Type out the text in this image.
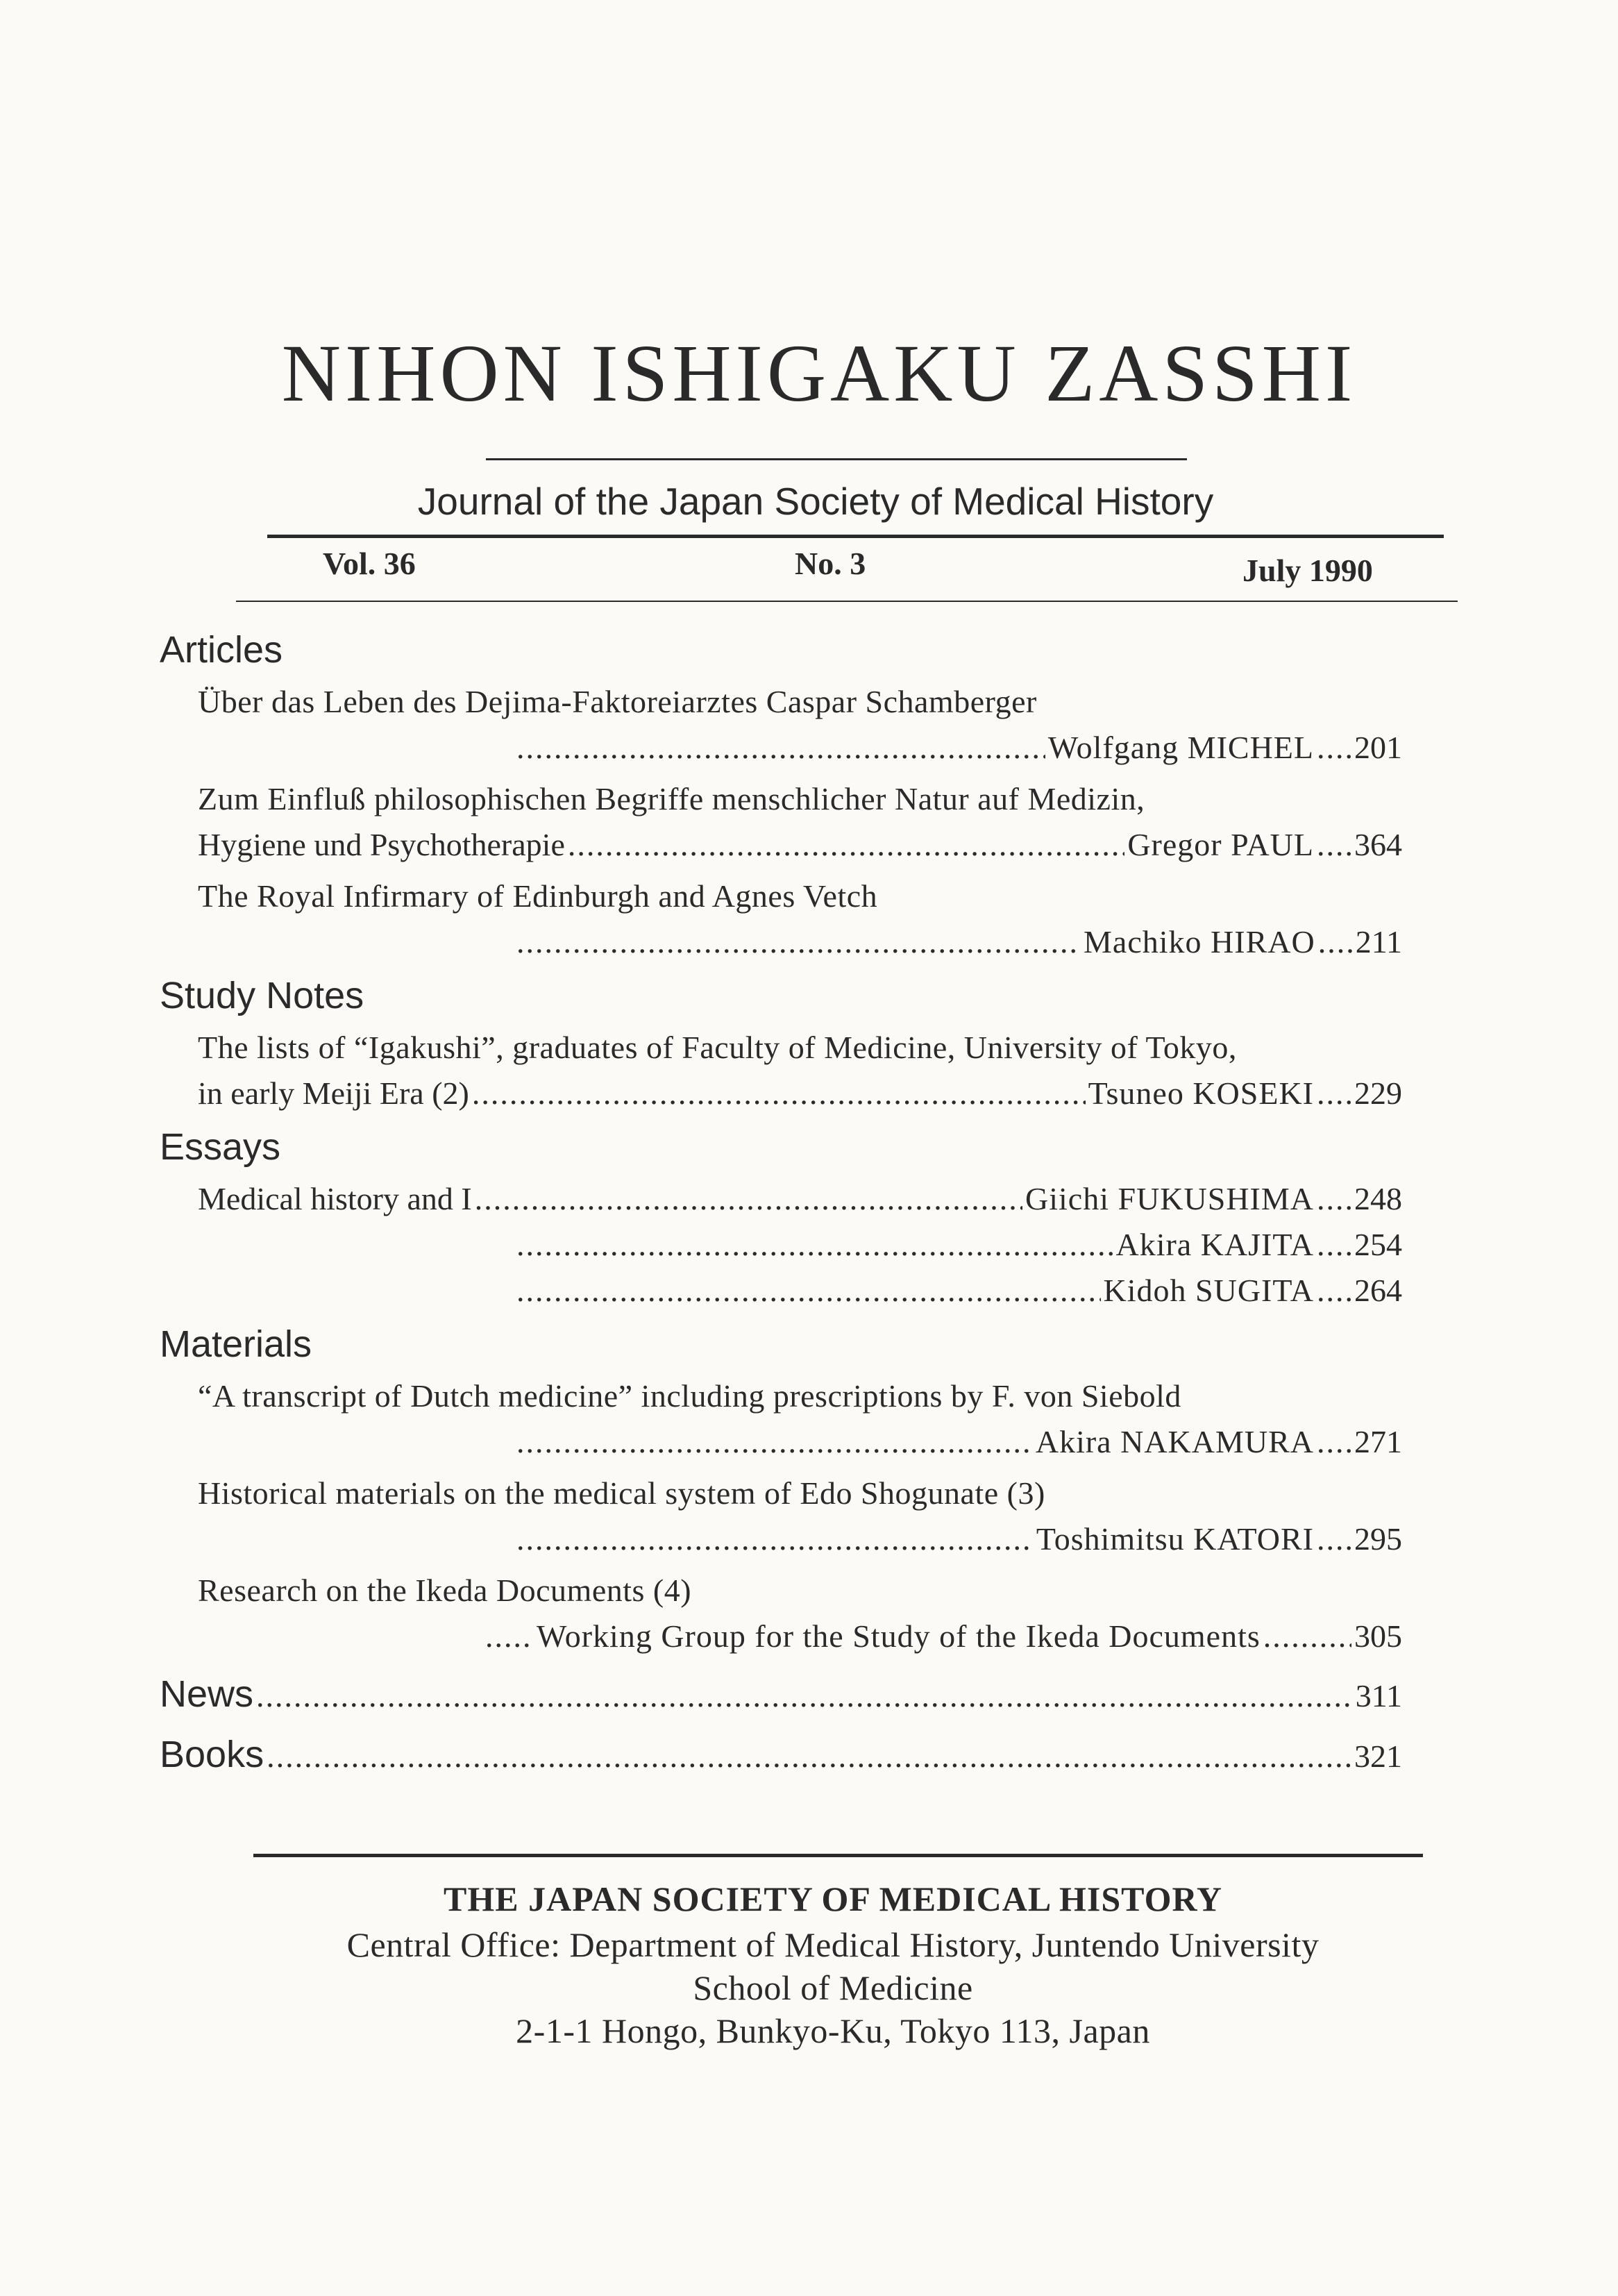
NIHON ISHIGAKU ZASSHI
Journal of the Japan Society of Medical History
Vol. 36	No. 3	July 1990
Articles
Über das Leben des Dejima-Faktoreiarztes Caspar Schamberger
.....
Wolfgang MICHEL ..... 201
Zum Einfluß philosophischen Begriffe menschlicher Natur auf Medizin,
Hygiene und Psychotherapie .....	Gregor PAUL ..... 364
The Royal Infirmary of Edinburgh and Agnes Vetch
.....
Machiko HIRAO ..... 211
Study Notes
The lists of “Igakushi”, graduates of Faculty of Medicine, University of Tokyo,
in early Meiji Era (2) .....	Tsuneo KOSEKI ..... 229
Essays
Medical history and I .....	Giichi FUKUSHIMA ..... 248
.....
Akira KAJITA ..... 254
.....
Kidoh SUGITA ..... 264
Materials
“A transcript of Dutch medicine” including prescriptions by F. von Siebold
.....
Akira NAKAMURA ..... 271
Historical materials on the medical system of Edo Shogunate (3)
.....
Toshimitsu KATORI ..... 295
Research on the Ikeda Documents (4)
.....
Working Group for the Study of the Ikeda Documents .....	305
News .....	311
Books .....	321
THE JAPAN SOCIETY OF MEDICAL HISTORY
Central Office: Department of Medical History, Juntendo University
School of Medicine
2-1-1 Hongo, Bunkyo-Ku, Tokyo 113, Japan
